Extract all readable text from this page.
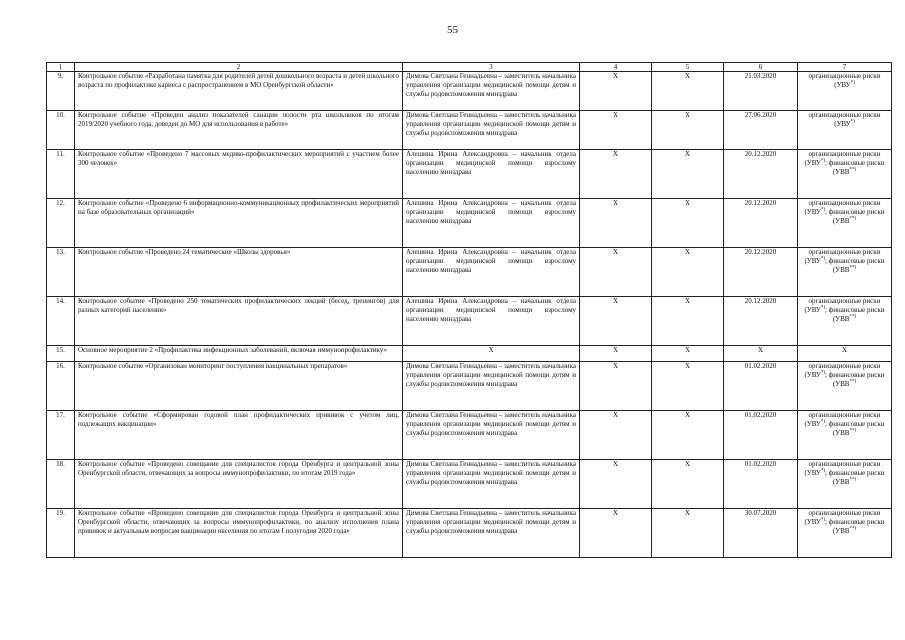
55
1	2	3	4	5	6	7
9.	Контрольное событие «Разработана памятка для родителей детей дошкольного возраста и детей школьного возраста по профилактике кариеса с распространением в МО Оренбургской области»	Димова Светлана Геннадьевна – заместитель начальника управления организации медицинской помощи детям и службы родовспоможения минздрава	X	X	21.03.2020	организационные риски (УВУ*)
10.	Контрольное событие «Проведен анализ показателей санации полости рта школьников по итогам 2019/2020 учебного года, доведен до МО для использования в работе»	Димова Светлана Геннадьевна – заместитель начальника управления организации медицинской помощи детям и службы родовспоможения минздрава	X	X	27.06.2020	организационные риски (УВУ*)
11.	Контрольное событие «Проведено 7 массовых медико-профилактических мероприятий с участием более 300 человек»	Алешина Ирина Александровна – начальник отдела организации медицинской помощи взрослому населению минздрава	X	X	20.12.2020	организационные риски (УВУ*); финансовые риски (УВВ**)
12.	Контрольное событие «Проведено 6 информационно-коммуникационных профилактических мероприятий на базе образовательных организаций»	Алешина Ирина Александровна – начальник отдела организации медицинской помощи взрослому населению минздрава	X	X	20.12.2020	организационные риски (УВУ*); финансовые риски (УВВ**)
13.	Контрольное событие «Проведено 24 тематические «Школы здоровья»	Алешина Ирина Александровна – начальник отдела организации медицинской помощи взрослому населению минздрава	X	X	20.12.2020	организационные риски (УВУ*); финансовые риски (УВВ**)
14.	Контрольное событие «Проведено 250 тематических профилактических лекций (бесед, тренингов) для разных категорий населения»	Алешина Ирина Александровна – начальник отдела организации медицинской помощи взрослому населению минздрава	X	X	20.12.2020	организационные риски (УВУ*); финансовые риски (УВВ**)
15.	Основное мероприятие 2 «Профилактика инфекционных заболеваний, включая иммунопрофилактику»	X	X	X	X	X
16.	Контрольное событие «Организован мониторинг поступления вакцинальных препаратов»	Димова Светлана Геннадьевна – заместитель начальника управления организации медицинской помощи детям и службы родовспоможения минздрава	X	X	01.02.2020	организационные риски (УВУ*); финансовые риски (УВВ**)
17.	Контрольное событие «Сформирован годовой план профилактических прививок с учетом лиц, подлежащих вакцинации»	Димова Светлана Геннадьевна – заместитель начальника управления организации медицинской помощи детям и службы родовспоможения минздрава	X	X	01.02.2020	организационные риски (УВУ*); финансовые риски (УВВ**)
18.	Контрольное событие «Проведено совещание для специалистов города Оренбурга и центральной зоны Оренбургской области, отвечающих за вопросы иммунопрофилактики, по итогам 2019 года»	Димова Светлана Геннадьевна – заместитель начальника управления организации медицинской помощи детям и службы родовспоможения минздрава	X	X	01.02.2020	организационные риски (УВУ*); финансовые риски (УВВ**)
19.	Контрольное событие «Проведено совещание для специалистов города Оренбурга и центральной зоны Оренбургской области, отвечающих за вопросы иммунопрофилактики, по анализу исполнения плана прививок и актуальным вопросам вакцинации населения по итогам I полугодия 2020 года»	Димова Светлана Геннадьевна – заместитель начальника управления организации медицинской помощи детям и службы родовспоможения минздрава	X	X	30.07.2020	организационные риски (УВУ*); финансовые риски (УВВ**)
